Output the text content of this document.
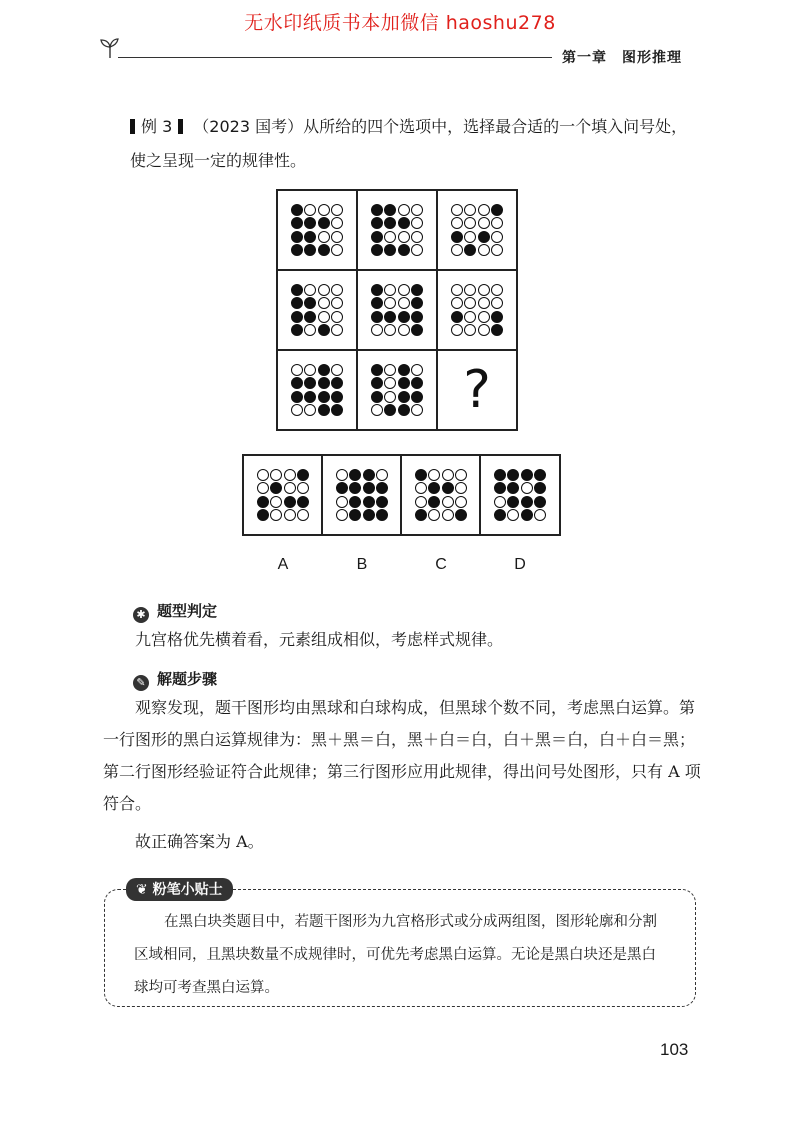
无水印纸质书本加微信 haoshu278
第一章　图形推理
例 3 （2023 国考）从所给的四个选项中，选择最合适的一个填入问号处，
使之呈现一定的规律性。
?
A	B	C	D
✱ 题型判定
九宫格优先横着看，元素组成相似，考虑样式规律。
✎ 解题步骤
观察发现，题干图形均由黑球和白球构成，但黑球个数不同，考虑黑白运算。第
一行图形的黑白运算规律为：黑＋黑＝白，黑＋白＝白，白＋黑＝白，白＋白＝黑；
第二行图形经验证符合此规律；第三行图形应用此规律，得出问号处图形，只有 A 项
符合。
故正确答案为 A。
❦ 粉笔小贴士
在黑白块类题目中，若题干图形为九宫格形式或分成两组图，图形轮廓和分割
区域相同，且黑块数量不成规律时，可优先考虑黑白运算。无论是黑白块还是黑白
球均可考查黑白运算。
103
